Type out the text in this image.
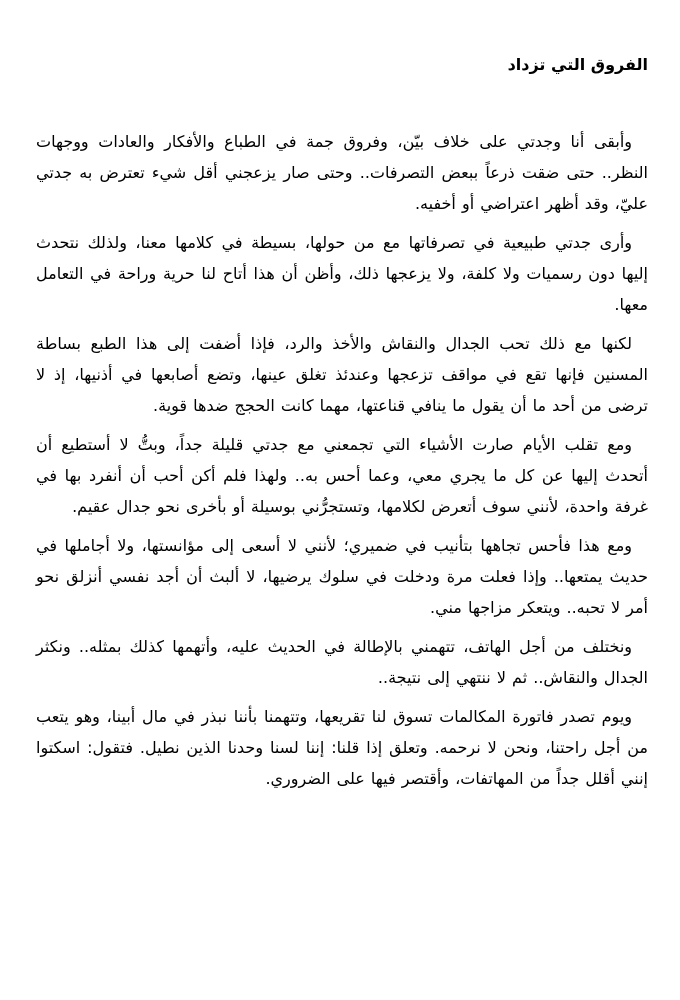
الفروق التي تزداد

وأبقى أنا وجدتي على خلاف بيّن، وفروق جمة في الطباع والأفكار والعادات ووجهات النظر.. حتى ضقت ذرعاً ببعض التصرفات.. وحتى صار يزعجني أقل شيء تعترض به جدتي عليّ، وقد أظهر اعتراضي أو أخفيه.

وأرى جدتي طبيعية في تصرفاتها مع من حولها، بسيطة في كلامها معنا، ولذلك نتحدث إليها دون رسميات ولا كلفة، ولا يزعجها ذلك، وأظن أن هذا أتاح لنا حرية وراحة في التعامل معها.

لكنها مع ذلك تحب الجدال والنقاش والأخذ والرد، فإذا أضفت إلى هذا الطبع بساطة المسنين فإنها تقع في مواقف تزعجها وعندئذ تغلق عينها، وتضع أصابعها في أذنيها، إذ لا ترضى من أحد ما أن يقول ما ينافي قناعتها، مهما كانت الحجج ضدها قوية.

ومع تقلب الأيام صارت الأشياء التي تجمعني مع جدتي قليلة جداً، وبتُّ لا أستطيع أن أتحدث إليها عن كل ما يجري معي، وعما أحس به.. ولهذا فلم أكن أحب أن أنفرد بها في غرفة واحدة، لأنني سوف أتعرض لكلامها، وتستجرُّني بوسيلة أو بأخرى نحو جدال عقيم.

ومع هذا فأحس تجاهها بتأنيب في ضميري؛ لأنني لا أسعى إلى مؤانستها، ولا أجاملها في حديث يمتعها.. وإذا فعلت مرة ودخلت في سلوك يرضيها، لا ألبث أن أجد نفسي أنزلق نحو أمر لا تحبه.. ويتعكر مزاجها مني.

ونختلف من أجل الهاتف، تتهمني بالإطالة في الحديث عليه، وأتهمها كذلك بمثله.. ونكثر الجدال والنقاش.. ثم لا ننتهي إلى نتيجة..

ويوم تصدر فاتورة المكالمات تسوق لنا تقريعها، وتتهمنا بأننا نبذر في مال أبينا، وهو يتعب من أجل راحتنا، ونحن لا نرحمه. وتعلق إذا قلنا: إننا لسنا وحدنا الذين نطيل. فتقول: اسكتوا إنني أقلل جداً من المهاتفات، وأقتصر فيها على الضروري.
